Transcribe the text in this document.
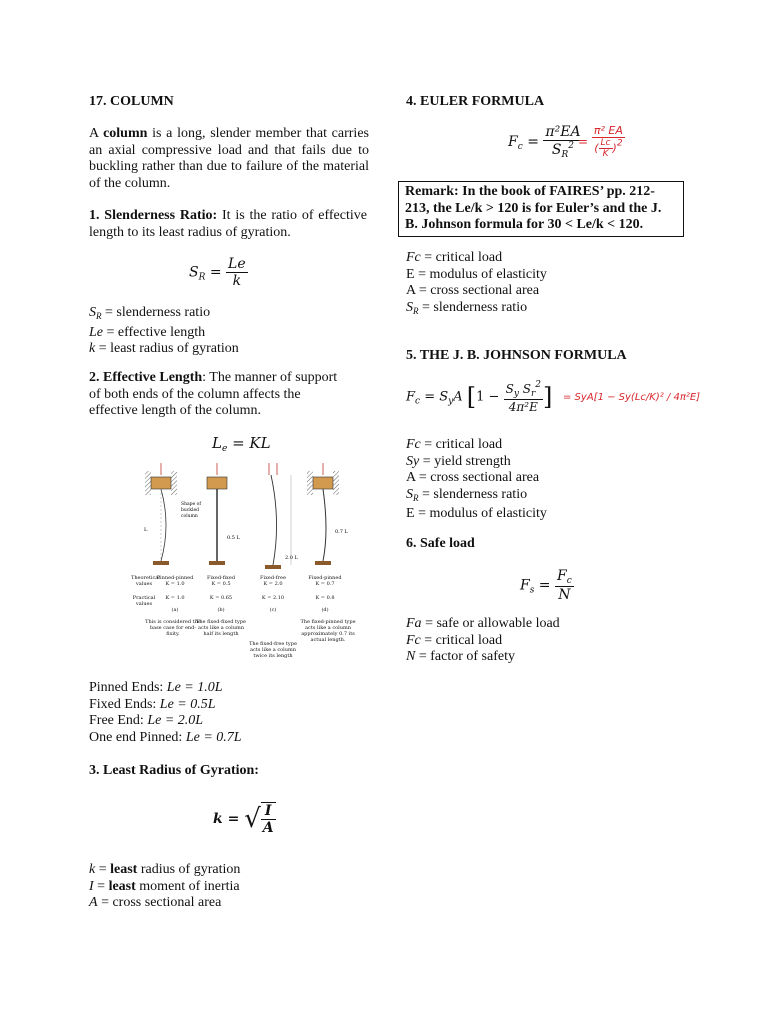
17. COLUMN

A column is a long, slender member that carries an axial compressive load and that fails due to buckling rather than due to failure of the material of the column.

1. Slenderness Ratio: It is the ratio of effective length to its least radius of gyration.

$S_R = \frac{Le}{k}$

$S_R$ = slenderness ratio

Le = effective length

k = least radius of gyration

2. Effective Length: The manner of support of both ends of the column affects the effective length of the column.

$L_e$ = KL
L
0.5 L
2.0 L
0.7 L
Shape of
buckled
column
Theoretical values
Practical values
Pinned-pinned
K = 1.0
K = 1.0
(a)
This is considered the base case for end-fixity.
Fixed-fixed
K = 0.5
K = 0.65
(b)
The fixed-fixed type acts like a column half its length
Fixed-free
K = 2.0
K = 2.10
(c)
The fixed-free type acts like a column twice its length
Fixed-pinned
K = 0.7
K = 0.8
(d)
The fixed-pinned type acts like a column approximately 0.7 its actual length.

Pinned Ends: Le = 1.0L

Fixed Ends: Le = 0.5L

Free End: Le = 2.0L

One end Pinned: Le = 0.7L

3. Least Radius of Gyration:
k = √ $\frac{I}{A}$

k = least radius of gyration

I = least moment of inertia

A = cross sectional area

4. EULER FORMULA
$F_c = \frac{\text{π²EA}}{S_R^2}$
= $\frac{\text{π² EA}}{( \frac{Lc}{K} )^2}$
Remark: In the book of FAIRES’ pp. 212-213, the Le/k > 120 is for Euler’s and the J. B. Johnson formula for 30 < Le/k < 120.

Fc = critical load

E = modulus of elasticity

A = cross sectional area

$S_R$ = slenderness ratio

5. THE J. B. JOHNSON FORMULA
$F_c = S_yA$ [$1 - \frac{S_y S_r^2}{\text{4π²E}}$ ] = SyA[1 − Sy(Lc/K)² / 4π²E]

Fc = critical load

Sy = yield strength

A = cross sectional area

$S_R$ = slenderness ratio

E = modulus of elasticity

6. Safe load
$F_s = \frac{F_c}{N}$

Fa = safe or allowable load

Fc = critical load

N = factor of safety
